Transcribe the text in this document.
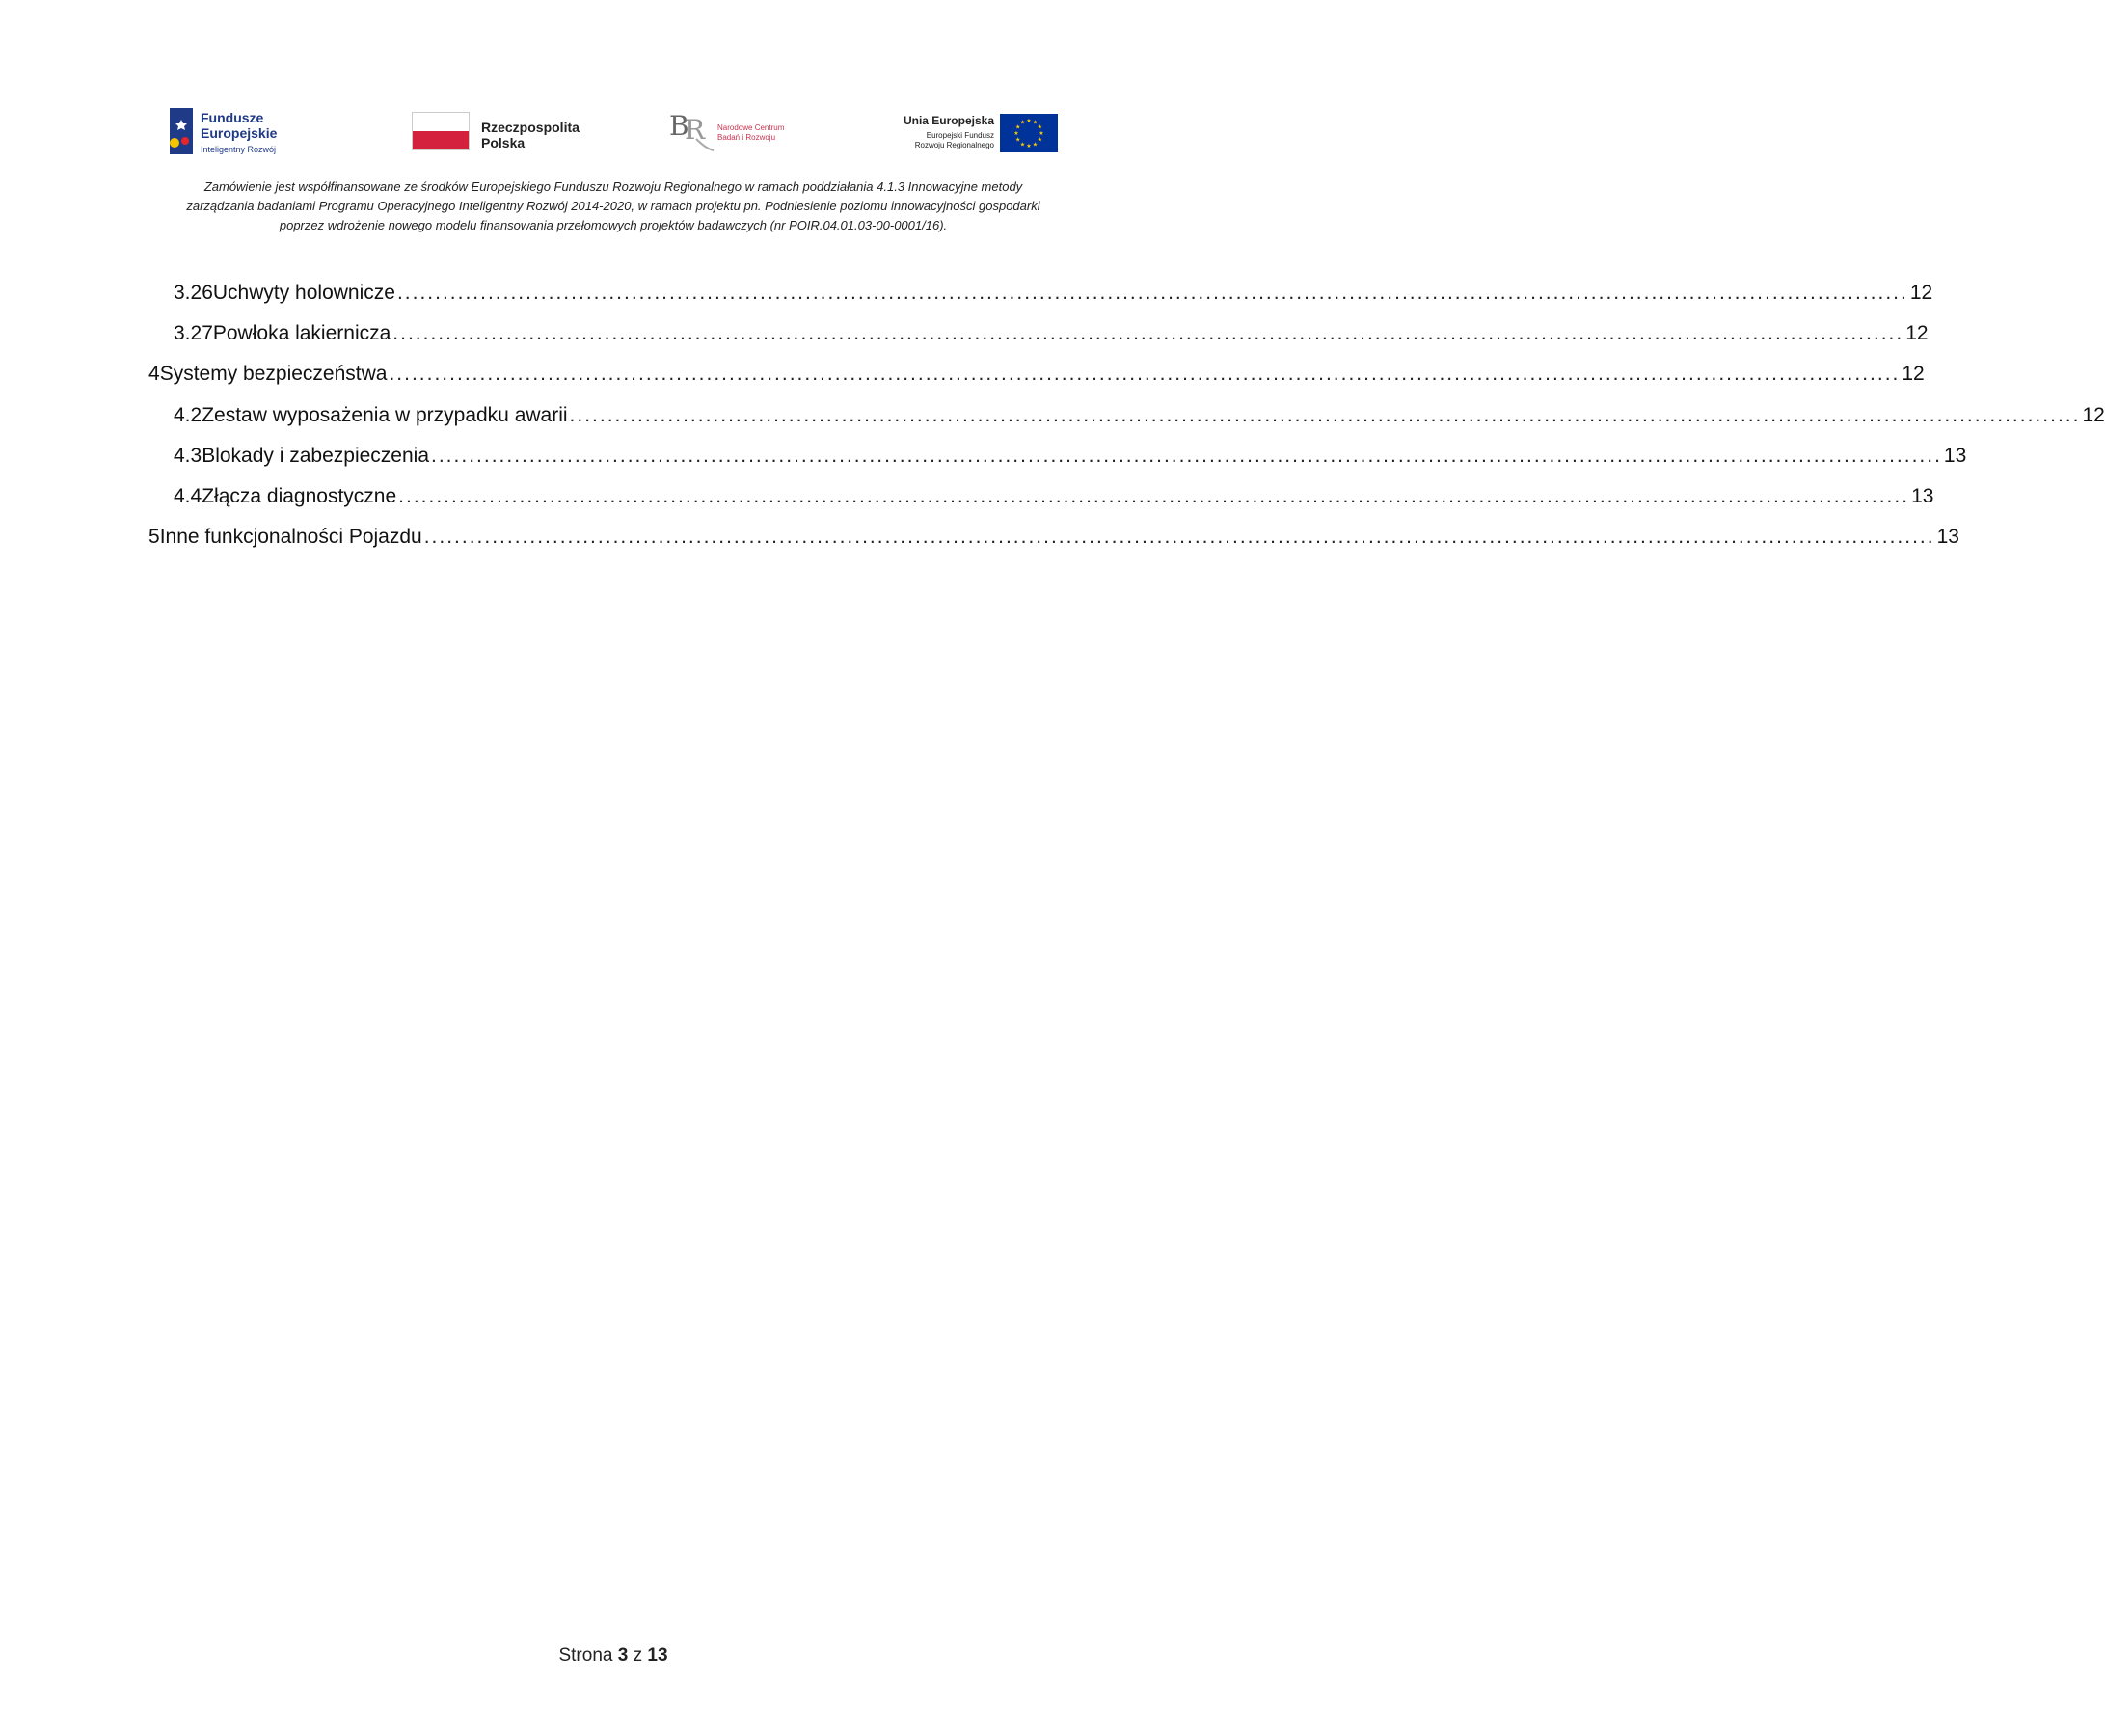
Fundusze
Europejskie
Inteligentny Rozwój
Rzeczpospolita
Polska
B
R Narodowe Centrum
Badań i Rozwoju
Unia Europejska
Europejski Fundusz
Rozwoju Regionalnego
★ ★
★
★
★
★
★
★
★
★
★
★
Zamówienie jest współfinansowane ze środków Europejskiego Funduszu Rozwoju Regionalnego w ramach poddziałania 4.1.3 Innowacyjne metody zarządzania badaniami Programu Operacyjnego Inteligentny Rozwój 2014-2020, w ramach projektu pn. Podniesienie poziomu innowacyjności gospodarki poprzez wdrożenie nowego modelu finansowania przełomowych projektów badawczych (nr POIR.04.01.03-00-0001/16).
3.26 Uchwyty holownicze ........................................................................................................................................................................................................ 12
3.27 Powłoka lakiernicza ........................................................................................................................................................................................................ 12
4 Systemy bezpieczeństwa ........................................................................................................................................................................................................ 12
4.2 Zestaw wyposażenia w przypadku awarii ........................................................................................................................................................................................................ 12
4.3 Blokady i zabezpieczenia ........................................................................................................................................................................................................ 13
4.4 Złącza diagnostyczne ........................................................................................................................................................................................................ 13
5 Inne funkcjonalności Pojazdu ........................................................................................................................................................................................................ 13
Strona 3 z 13
